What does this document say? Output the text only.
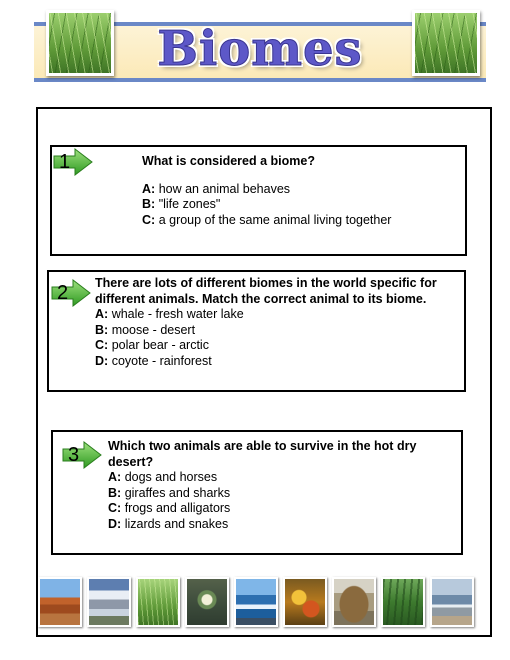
Biomes
1	What is considered a biome?
A: how an animal behaves
B: "life zones"
C: a group of the same animal living together
2 There are lots of different biomes in the world specific for different animals. Match the correct animal to its biome.
A: whale - fresh water lake
B: moose - desert
C: polar bear - arctic
D: coyote - rainforest
3 Which two animals are able to survive in the hot dry desert?
A: dogs and horses
B: giraffes and sharks
C: frogs and alligators
D: lizards and snakes
